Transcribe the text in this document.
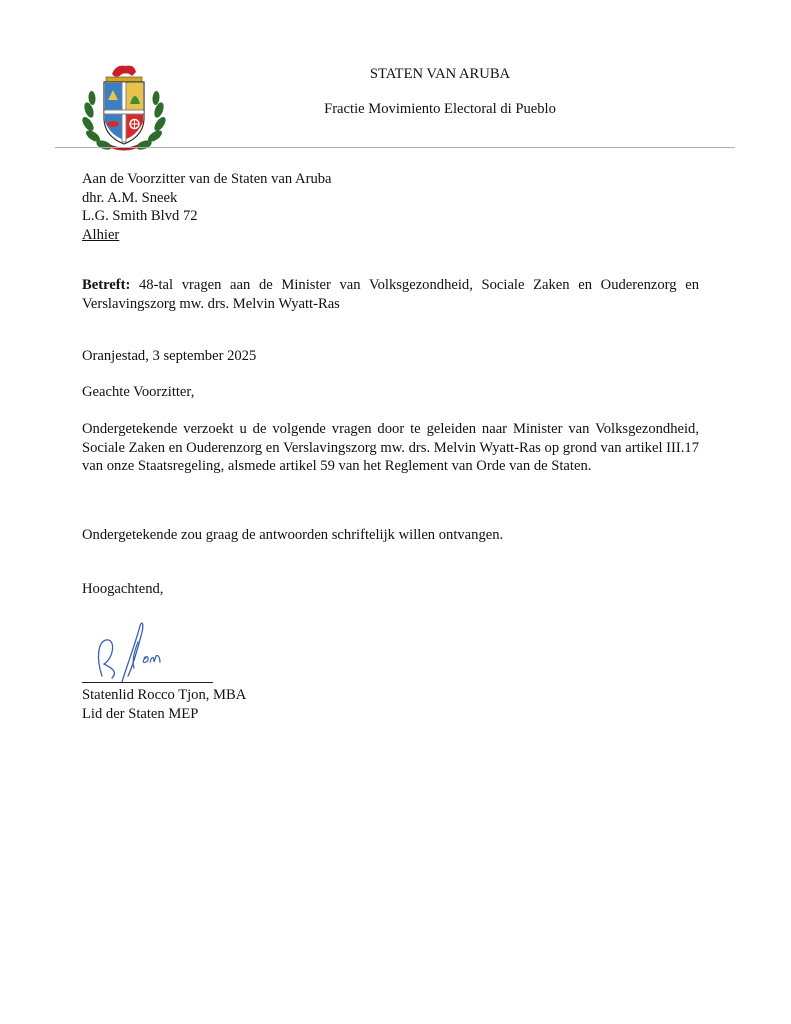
STATEN VAN ARUBA
Fractie Movimiento Electoral di Pueblo
Aan de Voorzitter van de Staten van Aruba
dhr. A.M. Sneek
L.G. Smith Blvd 72
Alhier
Betreft: 48-tal vragen aan de Minister van Volksgezondheid, Sociale Zaken en Ouderenzorg en Verslavingszorg mw. drs. Melvin Wyatt-Ras
Oranjestad, 3 september 2025
Geachte Voorzitter,
Ondergetekende verzoekt u de volgende vragen door te geleiden naar Minister van Volksgezondheid, Sociale Zaken en Ouderenzorg en Verslavingszorg mw. drs. Melvin Wyatt-Ras op grond van artikel III.17 van onze Staatsregeling, alsmede artikel 59 van het Reglement van Orde van de Staten.
Ondergetekende zou graag de antwoorden schriftelijk willen ontvangen.
Hoogachtend,
Statenlid Rocco Tjon, MBA
Lid der Staten MEP
